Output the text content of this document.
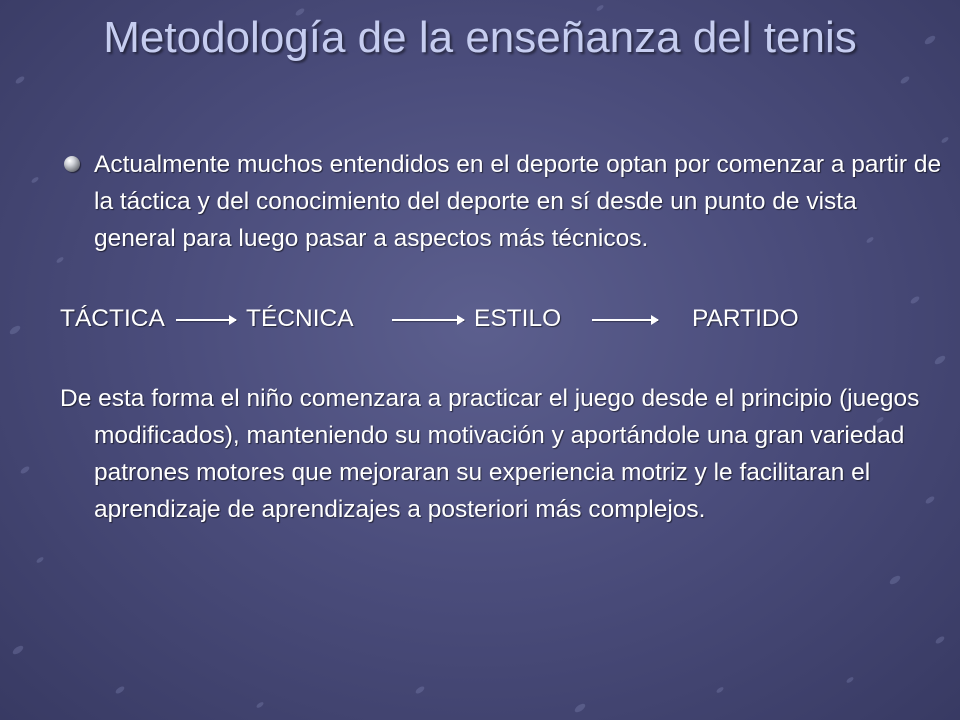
Metodología de la enseñanza del tenis
Actualmente muchos entendidos en el deporte optan por comenzar a partir de la táctica y del conocimiento del deporte en sí desde un punto de vista general para luego pasar a aspectos más técnicos.
TÁCTICA	TÉCNICA	ESTILO	PARTIDO
De esta forma el niño comenzara a practicar el juego desde el principio (juegos modificados), manteniendo su motivación y aportándole una gran variedad patrones motores que mejoraran su experiencia motriz y le facilitaran el aprendizaje de aprendizajes a posteriori más complejos.
